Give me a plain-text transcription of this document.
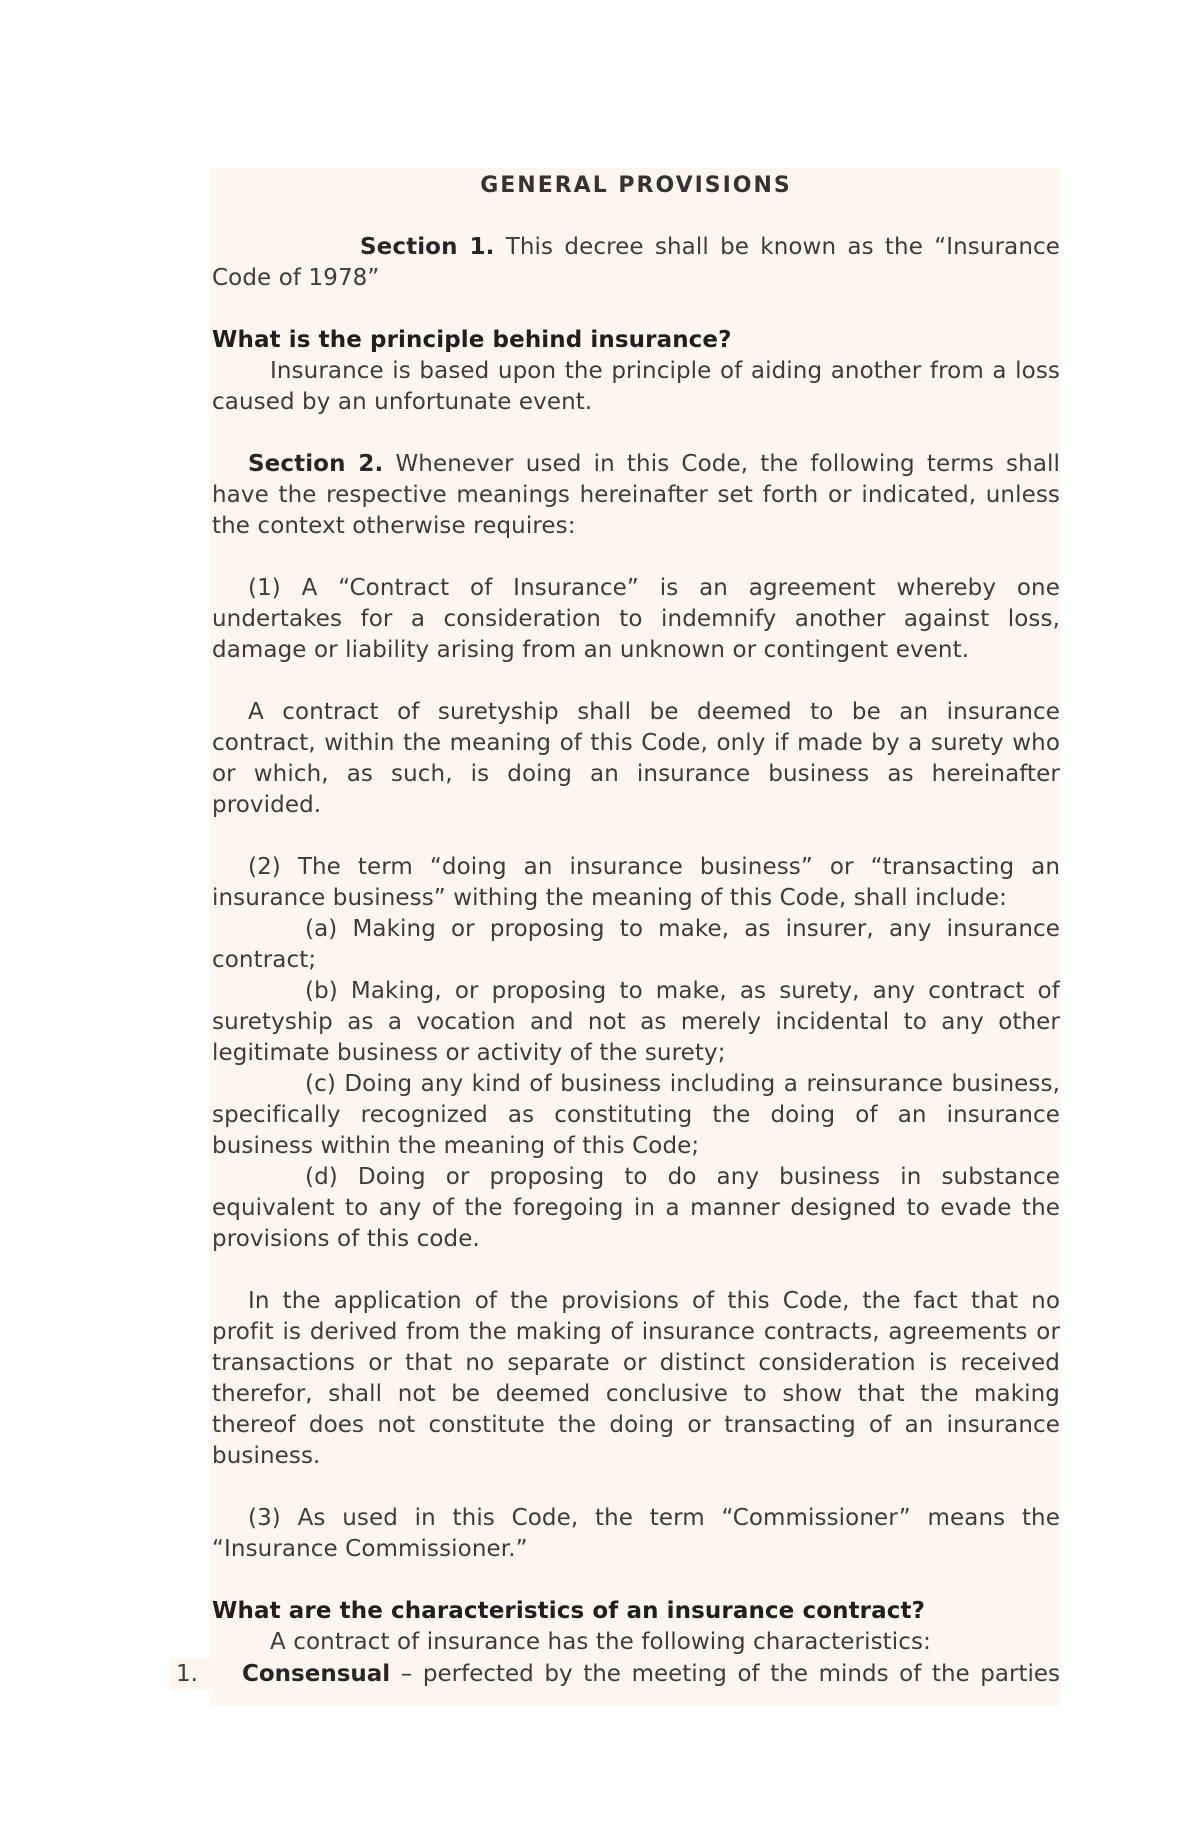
GENERAL PROVISIONS

Section 1. This decree shall be known as the “Insurance Code of 1978”

What is the principle behind insurance?

Insurance is based upon the principle of aiding another from a loss caused by an unfortunate event.

Section 2. Whenever used in this Code, the following terms shall have the respective meanings hereinafter set forth or indicated, unless the context otherwise requires:

(1) A “Contract of Insurance” is an agreement whereby one undertakes for a consideration to indemnify another against loss, damage or liability arising from an unknown or contingent event.

A contract of suretyship shall be deemed to be an insurance contract, within the meaning of this Code, only if made by a surety who or which, as such, is doing an insurance business as hereinafter provided.

(2) The term “doing an insurance business” or “transacting an insurance business” withing the meaning of this Code, shall include:

(a) Making or proposing to make, as insurer, any insurance contract;

(b) Making, or proposing to make, as surety, any contract of suretyship as a vocation and not as merely incidental to any other legitimate business or activity of the surety;

(c) Doing any kind of business including a reinsurance business, specifically recognized as constituting the doing of an insurance business within the meaning of this Code;

(d) Doing or proposing to do any business in substance equivalent to any of the foregoing in a manner designed to evade the provisions of this code.

In the application of the provisions of this Code, the fact that no profit is derived from the making of insurance contracts, agreements or transactions or that no separate or distinct consideration is received therefor, shall not be deemed conclusive to show that the making thereof does not constitute the doing or transacting of an insurance business.

(3) As used in this Code, the term “Commissioner” means the “Insurance Commissioner.”

What are the characteristics of an insurance contract?

A contract of insurance has the following characteristics:

1. Consensual – perfected by the meeting of the minds of the parties
